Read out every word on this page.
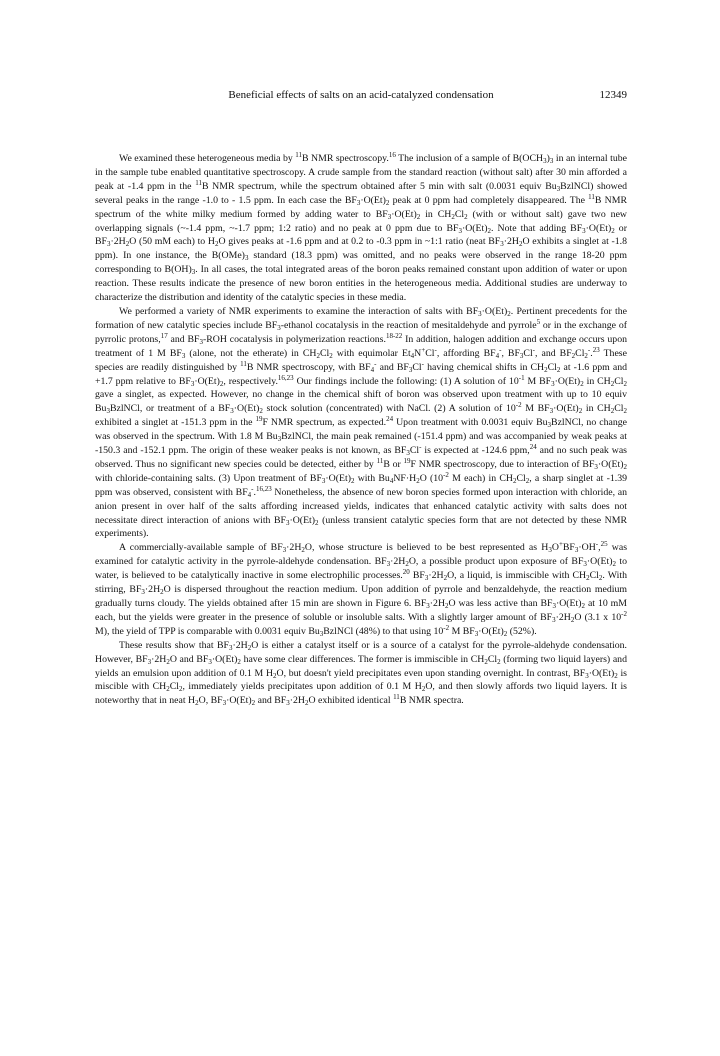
Beneficial effects of salts on an acid-catalyzed condensation	12349

We examined these heterogeneous media by $^{11}$B NMR spectroscopy.$^{16}$ The inclusion of a sample of $B(OCH_3)_3$ in an internal tube in the sample tube enabled quantitative spectroscopy. A crude sample from the standard reaction (without salt) after 30 min afforded a peak at -1.4 ppm in the $^{11}$B NMR spectrum, while the spectrum obtained after 5 min with salt (0.0031 equiv $Bu_3BzlNCl$) showed several peaks in the range -1.0 to - 1.5 ppm. In each case the $BF_3\cdot O(Et)_2$ peak at 0 ppm had completely disappeared. The $^{11}$B NMR spectrum of the white milky medium formed by adding water to $BF_3\cdot O(Et)_2$ in $CH_2Cl_2$ (with or without salt) gave two new overlapping signals (~-1.4 ppm, ~-1.7 ppm; 1:2 ratio) and no peak at 0 ppm due to $BF_3\cdot O(Et)_2$. Note that adding $BF_3\cdot O(Et)_2$ or $BF_3\cdot 2H_2O$ (50 mM each) to $H_2O$ gives peaks at -1.6 ppm and at 0.2 to -0.3 ppm in ~1:1 ratio (neat $BF_3\cdot 2H_2O$ exhibits a singlet at -1.8 ppm). In one instance, the $B(OMe)_3$ standard (18.3 ppm) was omitted, and no peaks were observed in the range 18-20 ppm corresponding to $B(OH)_3$. In all cases, the total integrated areas of the boron peaks remained constant upon addition of water or upon reaction. These results indicate the presence of new boron entities in the heterogeneous media. Additional studies are underway to characterize the distribution and identity of the catalytic species in these media.

We performed a variety of NMR experiments to examine the interaction of salts with $BF_3\cdot O(Et)_2$. Pertinent precedents for the formation of new catalytic species include $BF_3$-ethanol cocatalysis in the reaction of mesitaldehyde and pyrrole$^5$ or in the exchange of pyrrolic protons,$^{17}$ and $BF_3$-ROH cocatalysis in polymerization reactions.$^{18-22}$ In addition, halogen addition and exchange occurs upon treatment of 1 M $BF_3$ (alone, not the etherate) in $CH_2Cl_2$ with equimolar $Et_4N^+Cl^-$, affording $BF_4^-$, $BF_3Cl^-$, and $BF_2Cl_2^-.^{23}$ These species are readily distinguished by $^{11}$B NMR spectroscopy, with $BF_4^-$ and $BF_3Cl^-$ having chemical shifts in $CH_2Cl_2$ at -1.6 ppm and +1.7 ppm relative to $BF_3\cdot O(Et)_2$, respectively.$^{16,23}$ Our findings include the following: (1) A solution of $10^{-1}$ M $BF_3\cdot O(Et)_2$ in $CH_2Cl_2$ gave a singlet, as expected. However, no change in the chemical shift of boron was observed upon treatment with up to 10 equiv $Bu_3BzlNCl$, or treatment of a $BF_3\cdot O(Et)_2$ stock solution (concentrated) with NaCl. (2) A solution of $10^{-2}$ M $BF_3\cdot O(Et)_2$ in $CH_2Cl_2$ exhibited a singlet at -151.3 ppm in the $^{19}$F NMR spectrum, as expected.$^{24}$ Upon treatment with 0.0031 equiv $Bu_3BzlNCl$, no change was observed in the spectrum. With 1.8 M $Bu_3BzlNCl$, the main peak remained (-151.4 ppm) and was accompanied by weak peaks at -150.3 and -152.1 ppm. The origin of these weaker peaks is not known, as $BF_3Cl^-$ is expected at -124.6 ppm,$^{24}$ and no such peak was observed. Thus no significant new species could be detected, either by $^{11}$B or $^{19}$F NMR spectroscopy, due to interaction of $BF_3\cdot O(Et)_2$ with chloride-containing salts. (3) Upon treatment of $BF_3\cdot O(Et)_2$ with $Bu_4NF\cdot H_2O$ ($10^{-2}$ M each) in $CH_2Cl_2$, a sharp singlet at -1.39 ppm was observed, consistent with $BF_4^-.^{16,23}$ Nonetheless, the absence of new boron species formed upon interaction with chloride, an anion present in over half of the salts affording increased yields, indicates that enhanced catalytic activity with salts does not necessitate direct interaction of anions with $BF_3\cdot O(Et)_2$ (unless transient catalytic species form that are not detected by these NMR experiments).

A commercially-available sample of $BF_3\cdot 2H_2O$, whose structure is believed to be best represented as $H_3O^+BF_3\cdot OH^-,^{25}$ was examined for catalytic activity in the pyrrole-aldehyde condensation. $BF_3\cdot 2H_2O$, a possible product upon exposure of $BF_3\cdot O(Et)_2$ to water, is believed to be catalytically inactive in some electrophilic processes.$^{20}$ $BF_3\cdot 2H_2O$, a liquid, is immiscible with $CH_2Cl_2$. With stirring, $BF_3\cdot 2H_2O$ is dispersed throughout the reaction medium. Upon addition of pyrrole and benzaldehyde, the reaction medium gradually turns cloudy. The yields obtained after 15 min are shown in Figure 6. $BF_3\cdot 2H_2O$ was less active than $BF_3\cdot O(Et)_2$ at 10 mM each, but the yields were greater in the presence of soluble or insoluble salts. With a slightly larger amount of $BF_3\cdot 2H_2O$ (3.1 x $10^{-2}$ M), the yield of TPP is comparable with 0.0031 equiv $Bu_3BzlNCl$ (48%) to that using $10^{-2}$ M $BF_3\cdot O(Et)_2$ (52%).

These results show that $BF_3\cdot 2H_2O$ is either a catalyst itself or is a source of a catalyst for the pyrrole-aldehyde condensation. However, $BF_3\cdot 2H_2O$ and $BF_3\cdot O(Et)_2$ have some clear differences. The former is immiscible in $CH_2Cl_2$ (forming two liquid layers) and yields an emulsion upon addition of 0.1 M $H_2O$, but doesn't yield precipitates even upon standing overnight. In contrast, $BF_3\cdot O(Et)_2$ is miscible with $CH_2Cl_2$, immediately yields precipitates upon addition of 0.1 M $H_2O$, and then slowly affords two liquid layers. It is noteworthy that in neat $H_2O$, $BF_3\cdot O(Et)_2$ and $BF_3\cdot 2H_2O$ exhibited identical $^{11}$B NMR spectra.
